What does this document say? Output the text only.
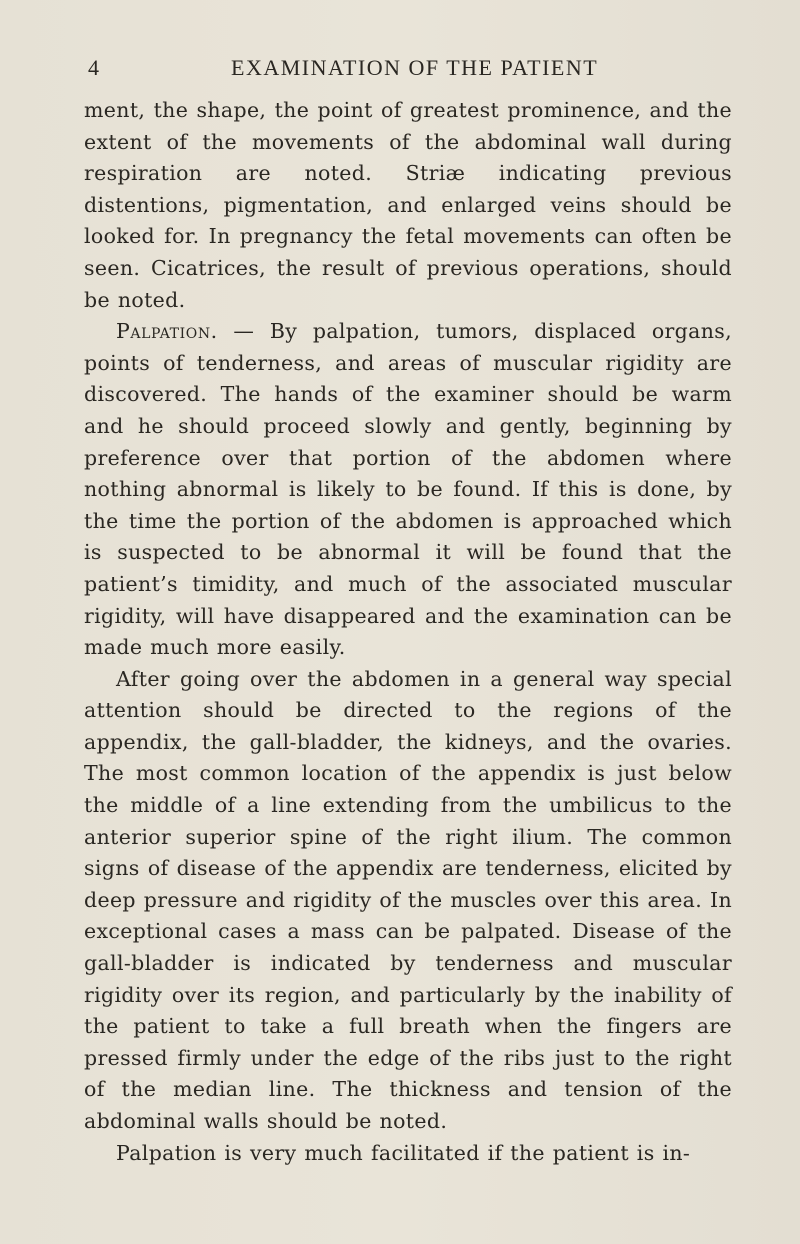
4	EXAMINATION OF THE PATIENT

ment, the shape, the point of greatest prominence, and the extent of the movements of the abdominal wall during respiration are noted. Striæ indicating previous distentions, pigmentation, and enlarged veins should be looked for. In pregnancy the fetal movements can often be seen. Cicatrices, the result of previous operations, should be noted.

Palpation. — By palpation, tumors, displaced organs, points of tenderness, and areas of muscular rigidity are discovered. The hands of the examiner should be warm and he should proceed slowly and gently, beginning by preference over that portion of the abdomen where nothing abnormal is likely to be found. If this is done, by the time the portion of the abdomen is approached which is suspected to be abnormal it will be found that the patient’s timidity, and much of the associated muscular rigidity, will have disappeared and the examination can be made much more easily.

After going over the abdomen in a general way special attention should be directed to the regions of the appendix, the gall-bladder, the kidneys, and the ovaries. The most common location of the appendix is just below the middle of a line extending from the umbilicus to the anterior superior spine of the right ilium. The common signs of disease of the appendix are tenderness, elicited by deep pressure and rigidity of the muscles over this area. In exceptional cases a mass can be palpated. Disease of the gall-bladder is indicated by tenderness and muscular rigidity over its region, and particularly by the inability of the patient to take a full breath when the fingers are pressed firmly under the edge of the ribs just to the right of the median line. The thickness and tension of the abdominal walls should be noted.

Palpation is very much facilitated if the patient is in-
